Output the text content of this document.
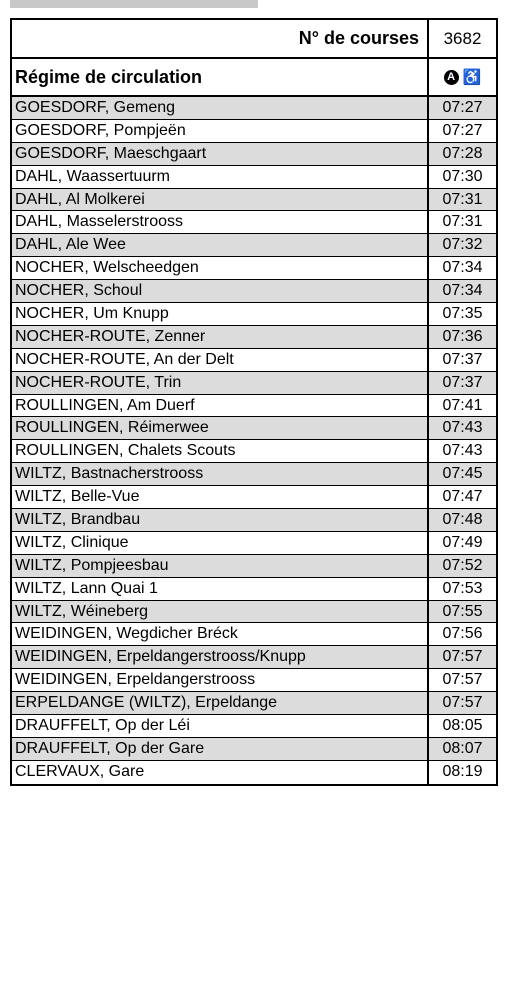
N° de courses	3682
Régime de circulation	A ♿
GOESDORF, Gemeng	07:27
GOESDORF, Pompjeën	07:27
GOESDORF, Maeschgaart	07:28
DAHL, Waassertuurm	07:30
DAHL, Al Molkerei	07:31
DAHL, Masselerstrooss	07:31
DAHL, Ale Wee	07:32
NOCHER, Welscheedgen	07:34
NOCHER, Schoul	07:34
NOCHER, Um Knupp	07:35
NOCHER-ROUTE, Zenner	07:36
NOCHER-ROUTE, An der Delt	07:37
NOCHER-ROUTE, Trin	07:37
ROULLINGEN, Am Duerf	07:41
ROULLINGEN, Réimerwee	07:43
ROULLINGEN, Chalets Scouts	07:43
WILTZ, Bastnacherstrooss	07:45
WILTZ, Belle-Vue	07:47
WILTZ, Brandbau	07:48
WILTZ, Clinique	07:49
WILTZ, Pompjeesbau	07:52
WILTZ, Lann Quai 1	07:53
WILTZ, Wéineberg	07:55
WEIDINGEN, Wegdicher Bréck	07:56
WEIDINGEN, Erpeldangerstrooss/Knupp	07:57
WEIDINGEN, Erpeldangerstrooss	07:57
ERPELDANGE (WILTZ), Erpeldange	07:57
DRAUFFELT, Op der Léi	08:05
DRAUFFELT, Op der Gare	08:07
CLERVAUX, Gare	08:19
